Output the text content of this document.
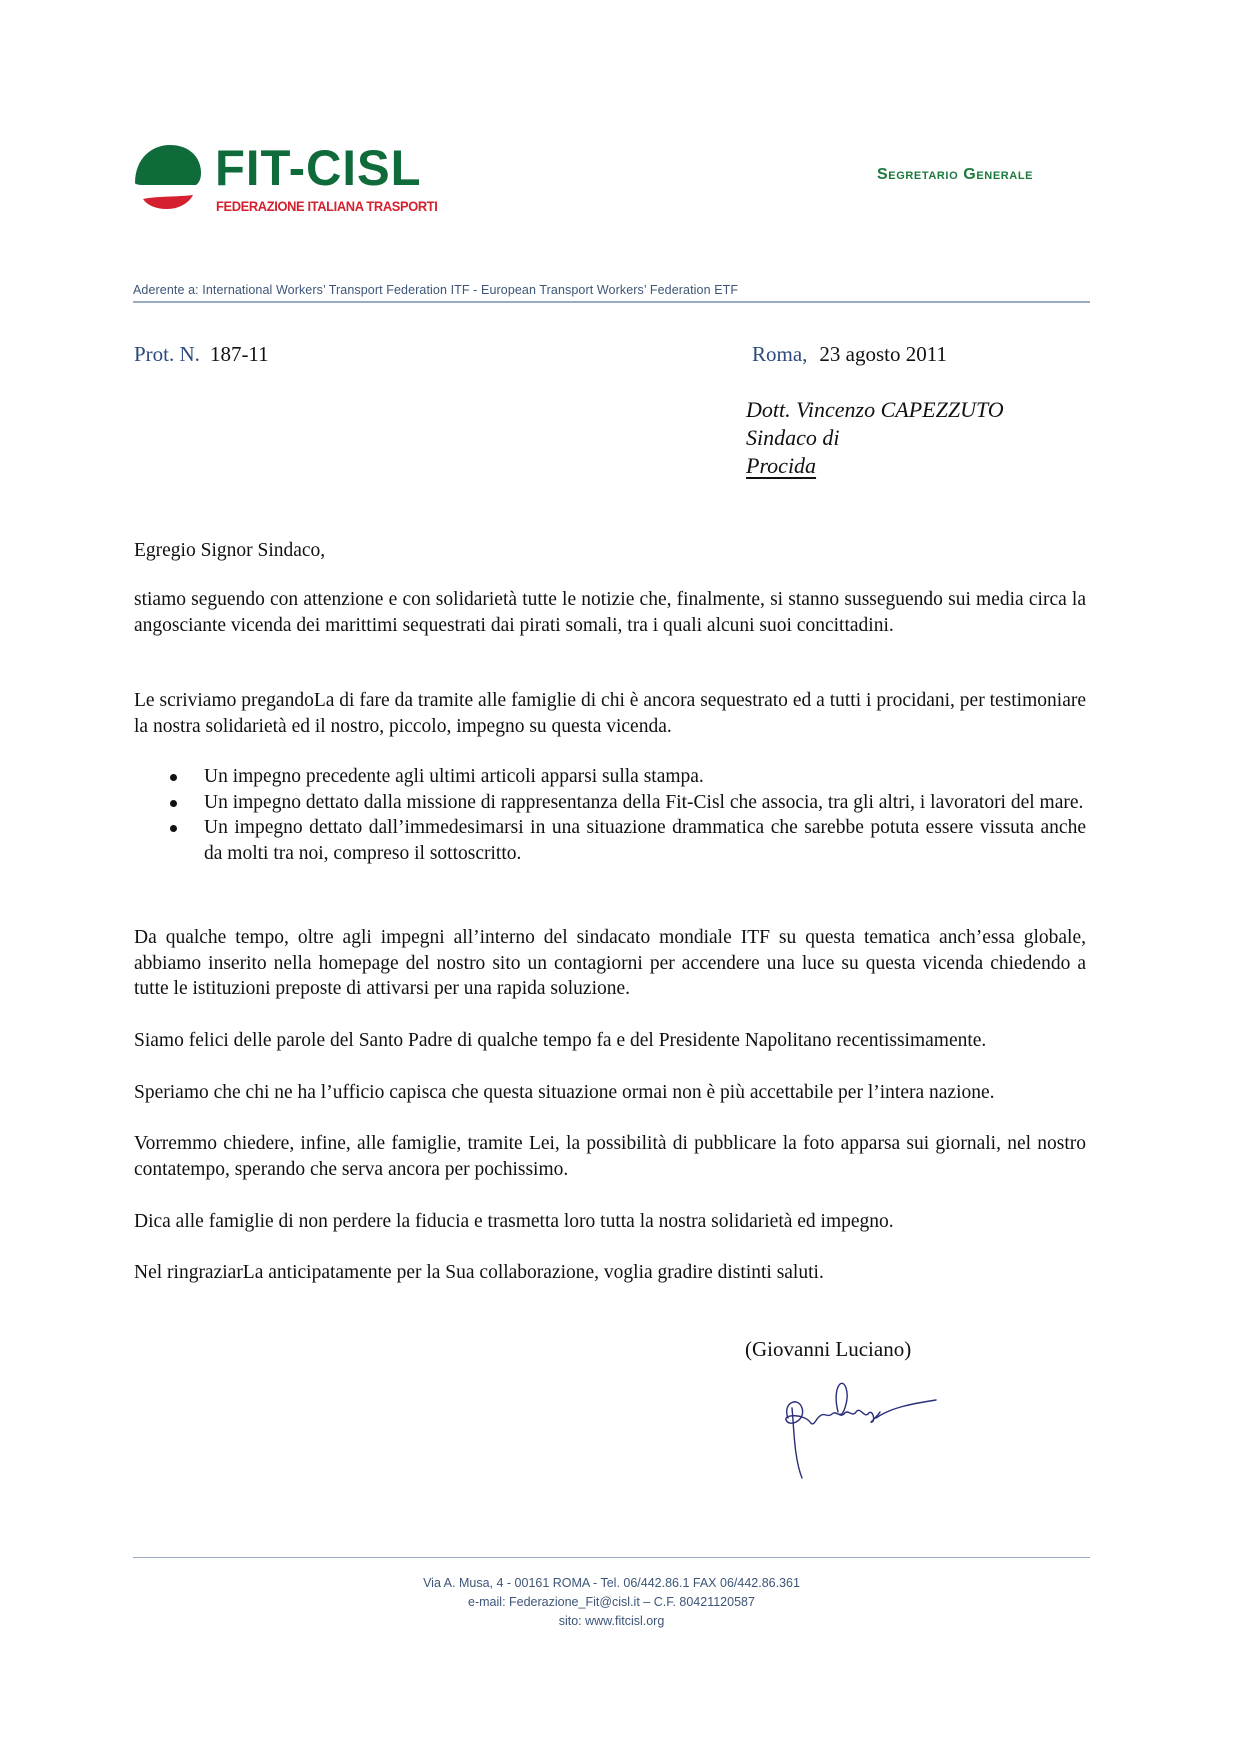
FIT-CISL
FEDERAZIONE ITALIANA TRASPORTI
Segretario Generale
Aderente a: International Workers’ Transport Federation ITF - European Transport Workers’ Federation ETF
Prot. N. 187-11	Roma, 23 agosto 2011
Dott. Vincenzo CAPEZZUTO
Sindaco di
Procida
Egregio Signor Sindaco,
stiamo seguendo con attenzione e con solidarietà tutte le notizie che, finalmente, si stanno susseguendo sui media circa la angosciante vicenda dei marittimi sequestrati dai pirati somali, tra i quali alcuni suoi concittadini.
Le scriviamo pregandoLa di fare da tramite alle famiglie di chi è ancora sequestrato ed a tutti i procidani, per testimoniare la nostra solidarietà ed il nostro, piccolo, impegno su questa vicenda.
Un impegno precedente agli ultimi articoli apparsi sulla stampa.
Un impegno dettato dalla missione di rappresentanza della Fit-Cisl che associa, tra gli altri, i lavoratori del mare.
Un impegno dettato dall’immedesimarsi in una situazione drammatica che sarebbe potuta essere vissuta anche da molti tra noi, compreso il sottoscritto.
Da qualche tempo, oltre agli impegni all’interno del sindacato mondiale ITF su questa tematica anch’essa globale, abbiamo inserito nella homepage del nostro sito un contagiorni per accendere una luce su questa vicenda chiedendo a tutte le istituzioni preposte di attivarsi per una rapida soluzione.
Siamo felici delle parole del Santo Padre di qualche tempo fa e del Presidente Napolitano recentissimamente.
Speriamo che chi ne ha l’ufficio capisca che questa situazione ormai non è più accettabile per l’intera nazione.
Vorremmo chiedere, infine, alle famiglie, tramite Lei, la possibilità di pubblicare la foto apparsa sui giornali, nel nostro contatempo, sperando che serva ancora per pochissimo.
Dica alle famiglie di non perdere la fiducia e trasmetta loro tutta la nostra solidarietà ed impegno.
Nel ringraziarLa anticipatamente per la Sua collaborazione, voglia gradire distinti saluti.
(Giovanni Luciano)
Via A. Musa, 4 - 00161 ROMA - Tel. 06/442.86.1 FAX 06/442.86.361
e-mail: Federazione_Fit@cisl.it – C.F. 80421120587
sito: www.fitcisl.org
